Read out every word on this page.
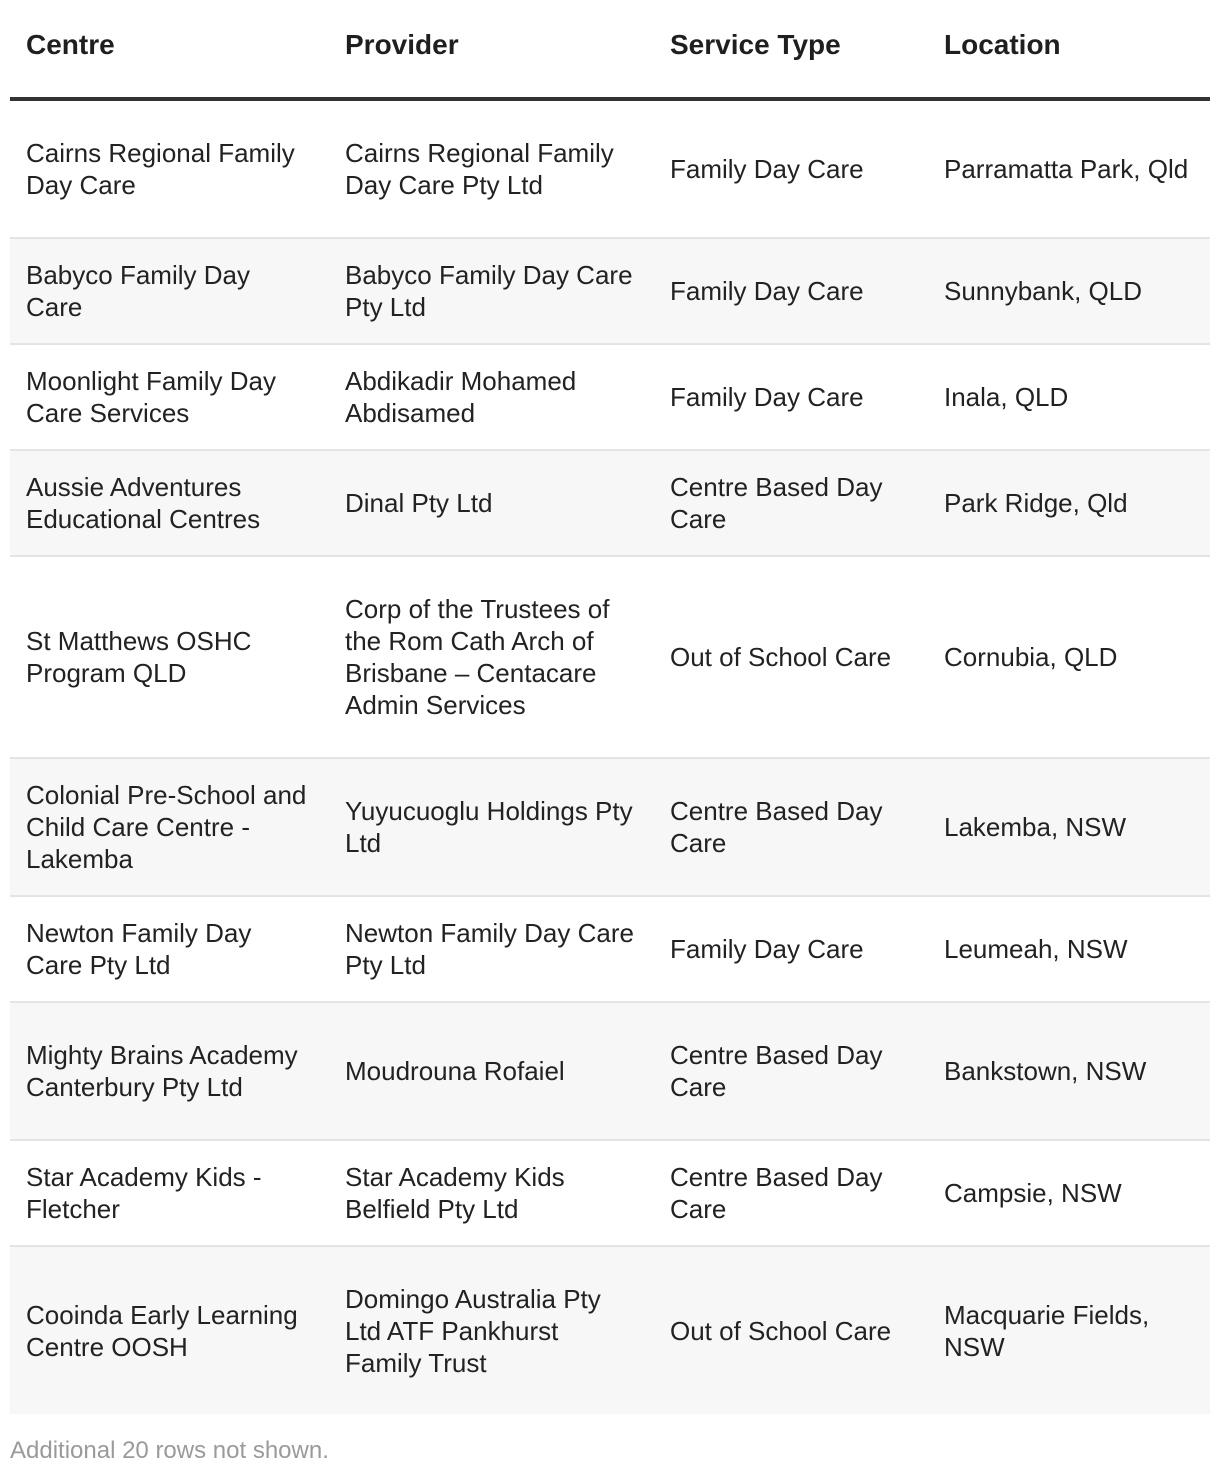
Centre	Provider	Service Type	Location
Cairns Regional Family Day Care	Cairns Regional Family Day Care Pty Ltd	Family Day Care	Parramatta Park, Qld
Babyco Family Day Care	Babyco Family Day Care Pty Ltd	Family Day Care	Sunnybank, QLD
Moonlight Family Day Care Services	Abdikadir Mohamed Abdisamed	Family Day Care	Inala, QLD
Aussie Adventures Educational Centres	Dinal Pty Ltd	Centre Based Day Care	Park Ridge, Qld
St Matthews OSHC Program QLD	Corp of the Trustees of the Rom Cath Arch of Brisbane – Centacare Admin Services	Out of School Care	Cornubia, QLD
Colonial Pre-School and Child Care Centre - Lakemba	Yuyucuoglu Holdings Pty Ltd	Centre Based Day Care	Lakemba, NSW
Newton Family Day Care Pty Ltd	Newton Family Day Care Pty Ltd	Family Day Care	Leumeah, NSW
Mighty Brains Academy Canterbury Pty Ltd	Moudrouna Rofaiel	Centre Based Day Care	Bankstown, NSW
Star Academy Kids - Fletcher	Star Academy Kids Belfield Pty Ltd	Centre Based Day Care	Campsie, NSW
Cooinda Early Learning Centre OOSH	Domingo Australia Pty Ltd ATF Pankhurst Family Trust	Out of School Care	Macquarie Fields, NSW
Additional 20 rows not shown.
